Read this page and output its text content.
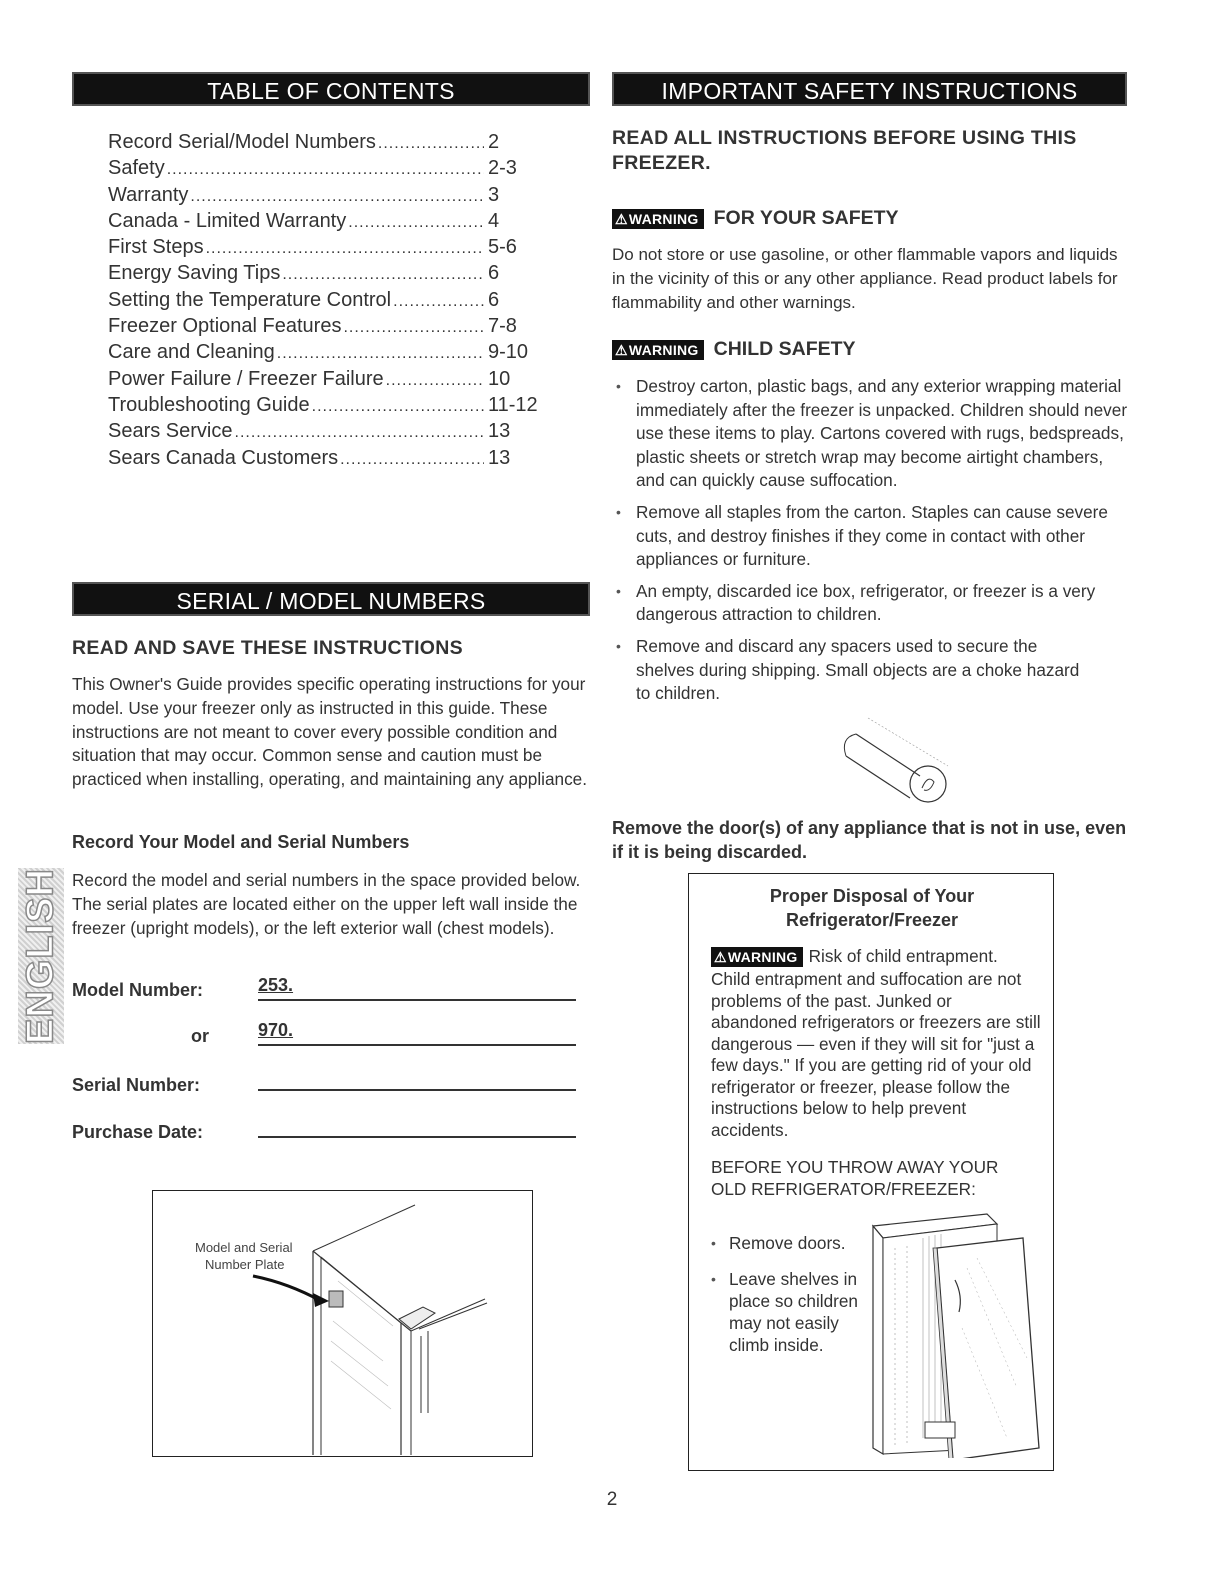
TABLE OF CONTENTS
Record Serial/Model Numbers .....	2
Safety .....	2-3
Warranty .....	3
Canada - Limited Warranty .....	4
First Steps .....	5-6
Energy Saving Tips .....	6
Setting the Temperature Control .....	6
Freezer Optional Features .....	7-8
Care and Cleaning .....	9-10
Power Failure / Freezer Failure .....	10
Troubleshooting Guide .....	11-12
Sears Service .....	13
Sears Canada Customers .....	13
SERIAL / MODEL NUMBERS
READ AND SAVE THESE INSTRUCTIONS
This Owner's Guide provides specific operating instructions for your model. Use your freezer only as instructed in this guide. These instructions are not meant to cover every possible condition and situation that may occur. Common sense and caution must be practiced when installing, operating, and maintaining any appliance.
Record Your Model and Serial Numbers
ENGLISH Record the model and serial numbers in the space provided below. The serial plates are located either on the upper left wall inside the freezer (upright models), or the left exterior wall (chest models).
Model Number:	253.
or	970.
Serial Number:
Purchase Date:
Model and Serial
Number Plate
IMPORTANT SAFETY INSTRUCTIONS
READ ALL INSTRUCTIONS BEFORE USING THIS
FREEZER.
⚠WARNING FOR YOUR SAFETY
Do not store or use gasoline, or other flammable vapors and liquids in the vicinity of this or any other appliance. Read product labels for flammability and other warnings.
⚠WARNING CHILD SAFETY
• Destroy carton, plastic bags, and any exterior wrapping material immediately after the freezer is unpacked. Children should never use these items to play. Cartons covered with rugs, bedspreads, plastic sheets or stretch wrap may become airtight chambers, and can quickly cause suffocation.
• Remove all staples from the carton. Staples can cause severe cuts, and destroy finishes if they come in contact with other appliances or furniture.
• An empty, discarded ice box, refrigerator, or freezer is a very dangerous attraction to children.
• Remove and discard any spacers used to secure the shelves during shipping. Small objects are a choke hazard to children.
Remove the door(s) of any appliance that is not in use, even if it is being discarded.
Proper Disposal of Your
Refrigerator/Freezer
⚠WARNING Risk of child entrapment.
Child entrapment and suffocation are not problems of the past. Junked or abandoned refrigerators or freezers are still dangerous — even if they will sit for "just a few days." If you are getting rid of your old refrigerator or freezer, please follow the instructions below to help prevent accidents.
BEFORE YOU THROW AWAY YOUR OLD REFRIGERATOR/FREEZER:
• Remove doors.
• Leave shelves in place so children may not easily climb inside.
2
